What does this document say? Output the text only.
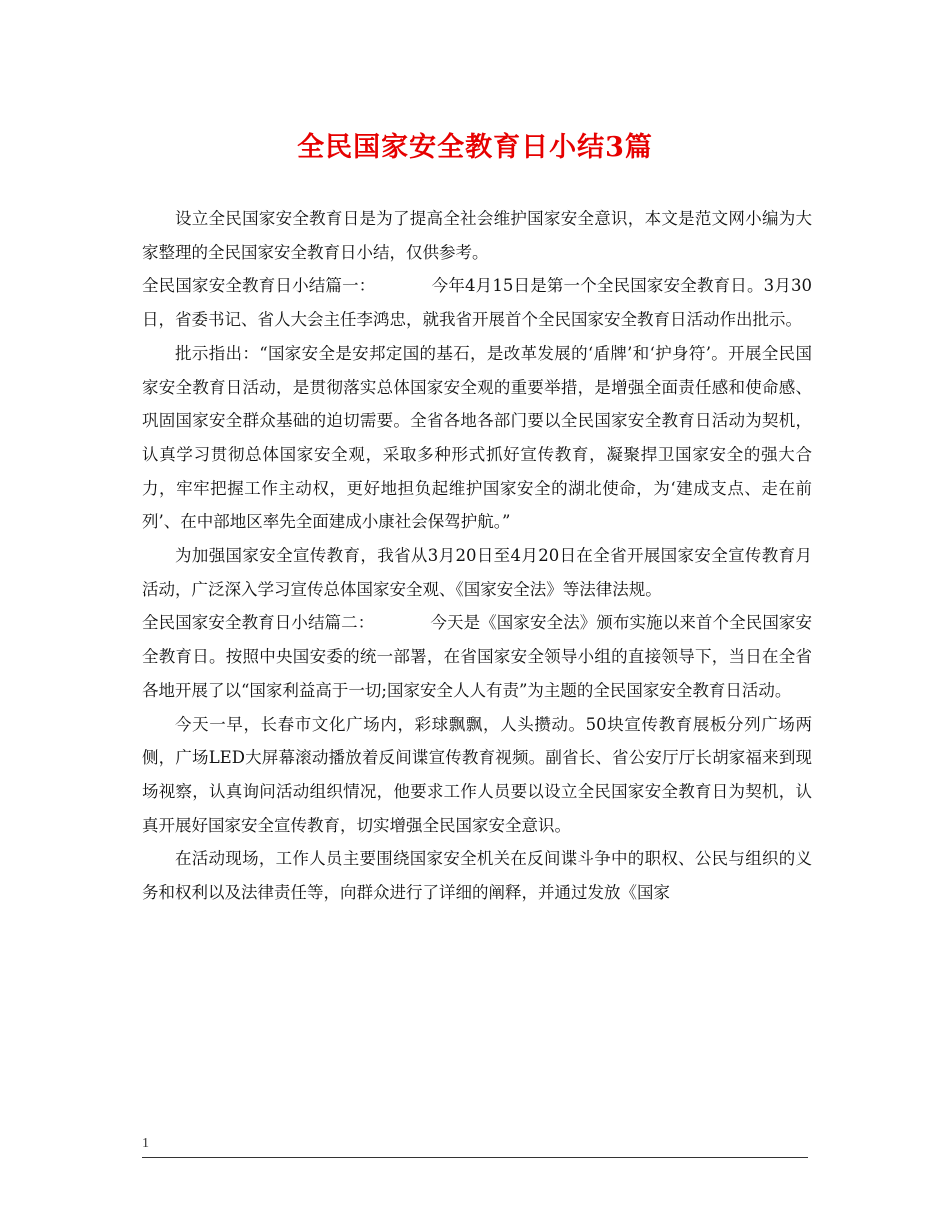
全民国家安全教育日小结3篇

设立全民国家安全教育日是为了提高全社会维护国家安全意识，本文是范文网小编为大家整理的全民国家安全教育日小结，仅供参考。

全民国家安全教育日小结篇一：	今年4月15日是第一个全民国家安全教育日。3月30日，省委书记、省人大会主任李鸿忠，就我省开展首个全民国家安全教育日活动作出批示。

批示指出：“国家安全是安邦定国的基石，是改革发展的‘盾牌’和‘护身符’。开展全民国家安全教育日活动，是贯彻落实总体国家安全观的重要举措，是增强全面责任感和使命感、巩固国家安全群众基础的迫切需要。全省各地各部门要以全民国家安全教育日活动为契机，认真学习贯彻总体国家安全观，采取多种形式抓好宣传教育，凝聚捍卫国家安全的强大合力，牢牢把握工作主动权，更好地担负起维护国家安全的湖北使命，为‘建成支点、走在前列’、在中部地区率先全面建成小康社会保驾护航。”

为加强国家安全宣传教育，我省从3月20日至4月20日在全省开展国家安全宣传教育月活动，广泛深入学习宣传总体国家安全观、《国家安全法》等法律法规。

全民国家安全教育日小结篇二：	今天是《国家安全法》颁布实施以来首个全民国家安全教育日。按照中央国安委的统一部署，在省国家安全领导小组的直接领导下，当日在全省各地开展了以“国家利益高于一切;国家安全人人有责”为主题的全民国家安全教育日活动。

今天一早，长春市文化广场内，彩球飘飘，人头攒动。50块宣传教育展板分列广场两侧，广场LED大屏幕滚动播放着反间谍宣传教育视频。副省长、省公安厅厅长胡家福来到现场视察，认真询问活动组织情况，他要求工作人员要以设立全民国家安全教育日为契机，认真开展好国家安全宣传教育，切实增强全民国家安全意识。

在活动现场，工作人员主要围绕国家安全机关在反间谍斗争中的职权、公民与组织的义务和权利以及法律责任等，向群众进行了详细的阐释，并通过发放《国家

1
